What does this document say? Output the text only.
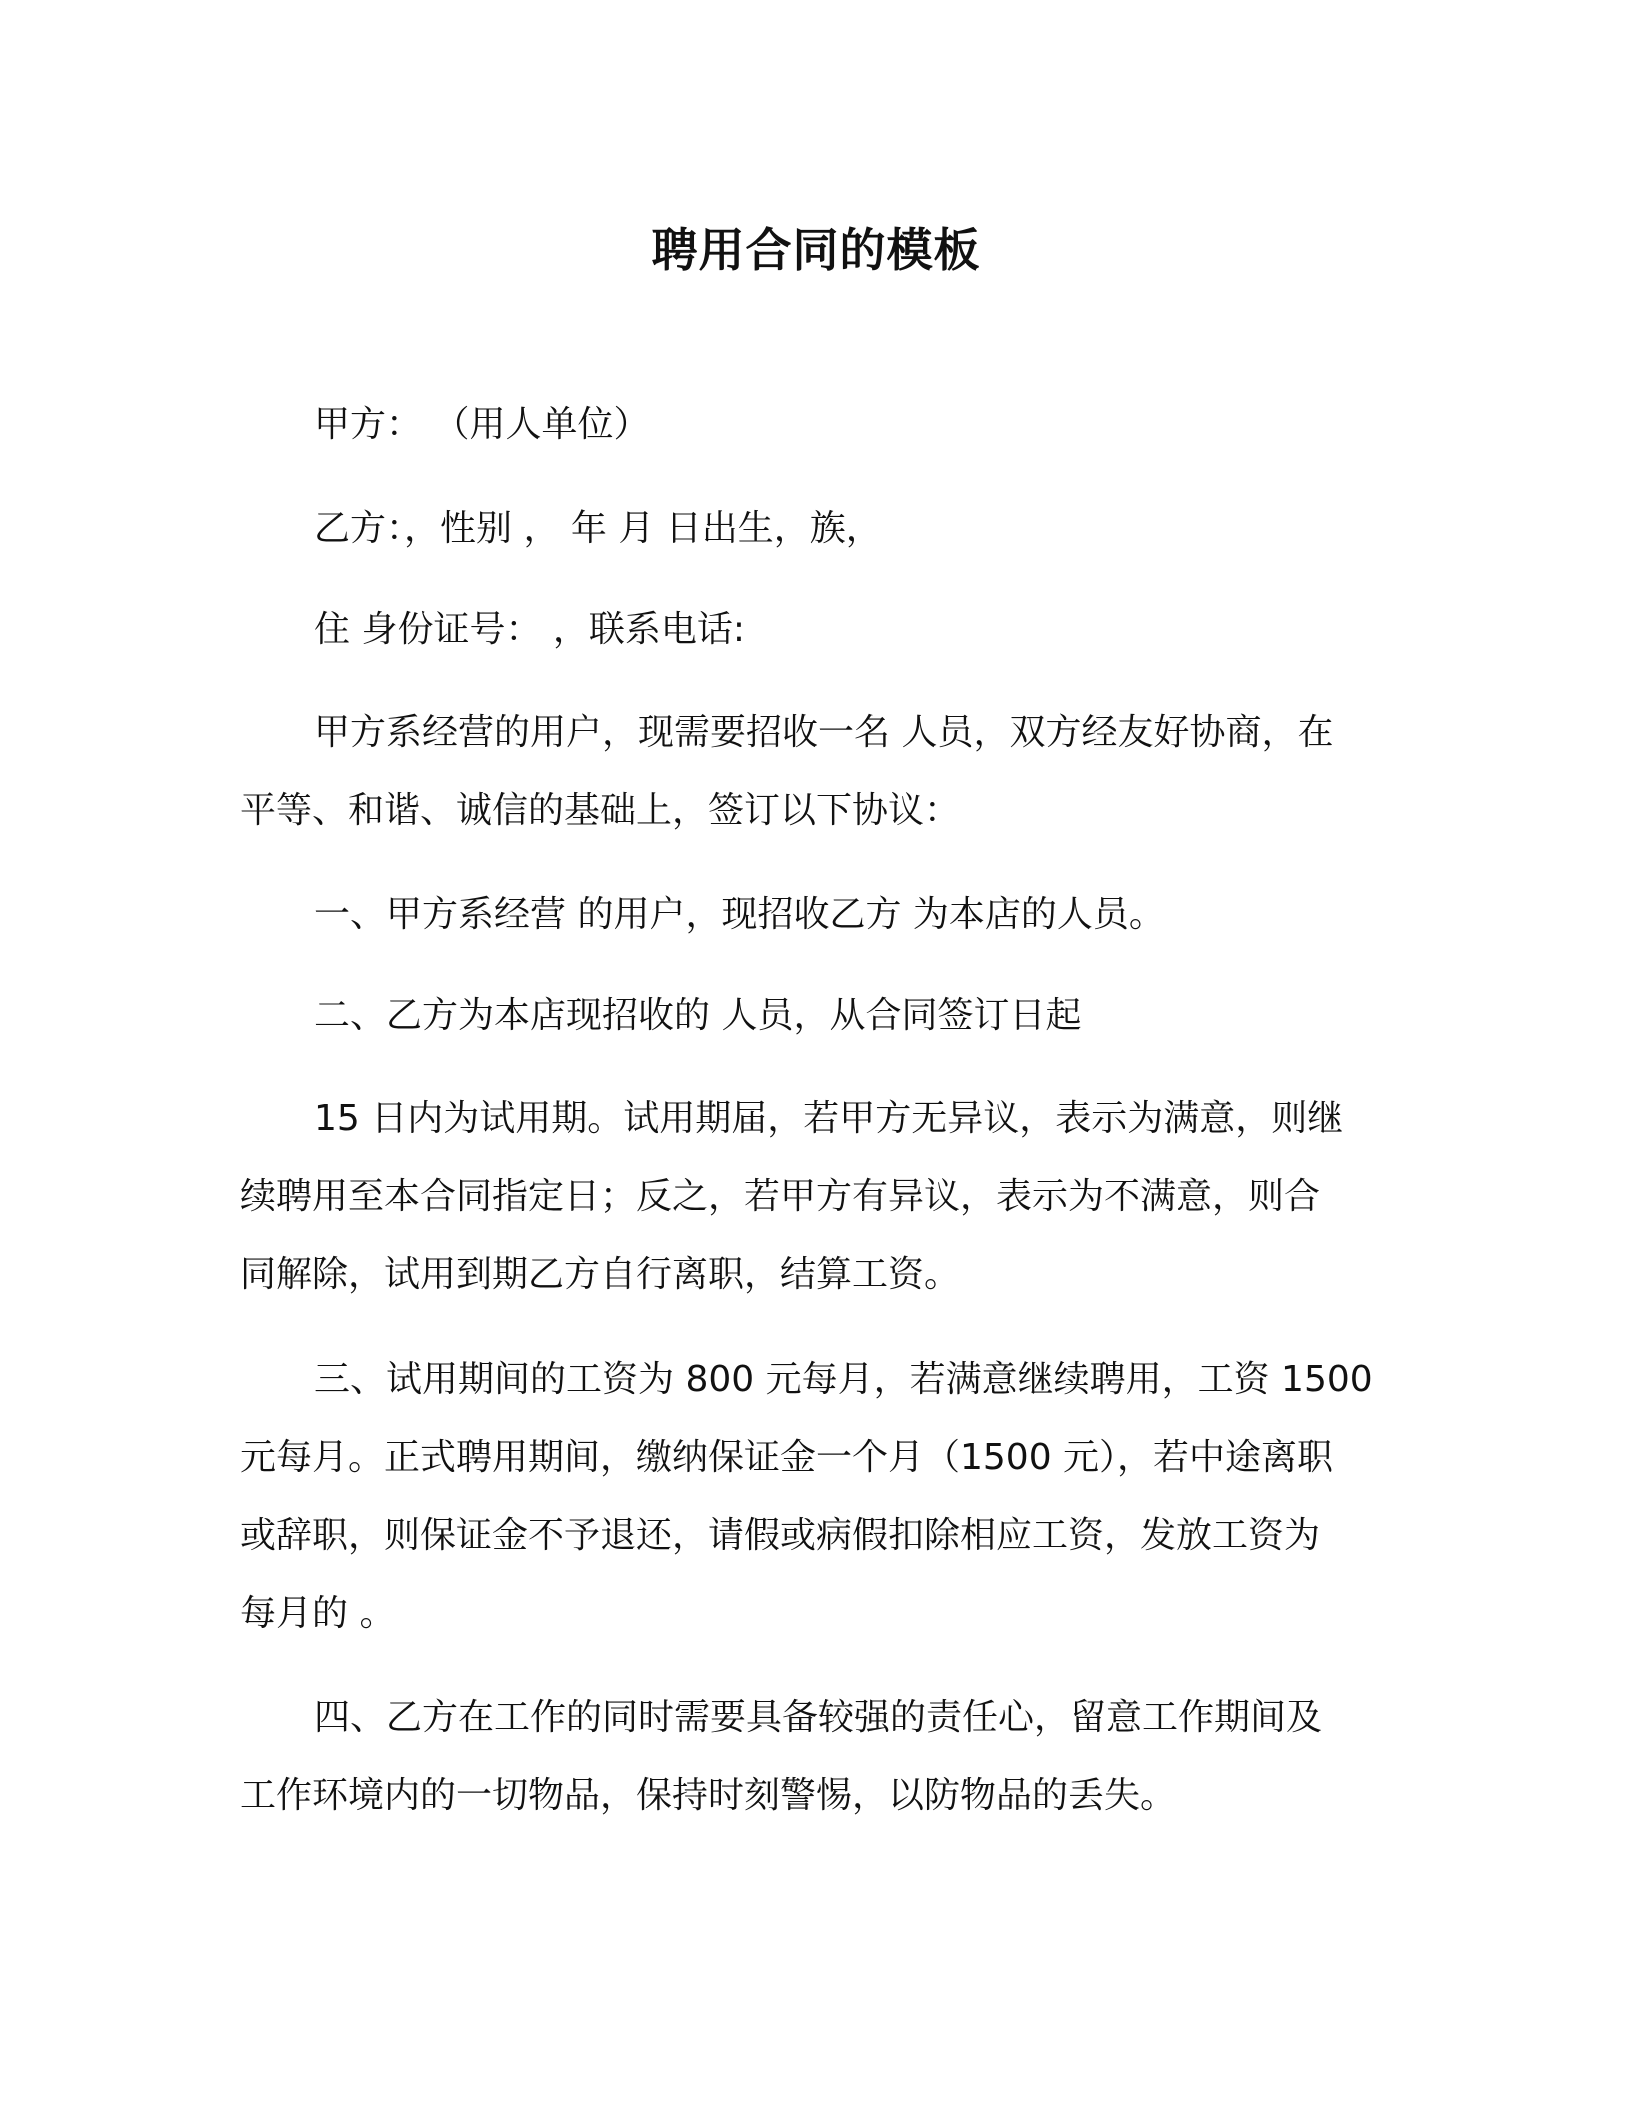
聘用合同的模板

甲方： （用人单位）

乙方：，性别 ， 年 月 日出生，族，

住 身份证号： ，联系电话:

甲方系经营的用户，现需要招收一名 人员，双方经友好协商，在

平等、和谐、诚信的基础上，签订以下协议：

一、甲方系经营 的用户，现招收乙方 为本店的人员。

二、乙方为本店现招收的 人员，从合同签订日起

15 日内为试用期。试用期届，若甲方无异议，表示为满意，则继

续聘用至本合同指定日；反之，若甲方有异议，表示为不满意，则合

同解除，试用到期乙方自行离职，结算工资。

三、试用期间的工资为 800 元每月，若满意继续聘用，工资 1500

元每月。正式聘用期间，缴纳保证金一个月（1500 元），若中途离职

或辞职，则保证金不予退还，请假或病假扣除相应工资，发放工资为

每月的 。

四、乙方在工作的同时需要具备较强的责任心，留意工作期间及

工作环境内的一切物品，保持时刻警惕，以防物品的丢失。
